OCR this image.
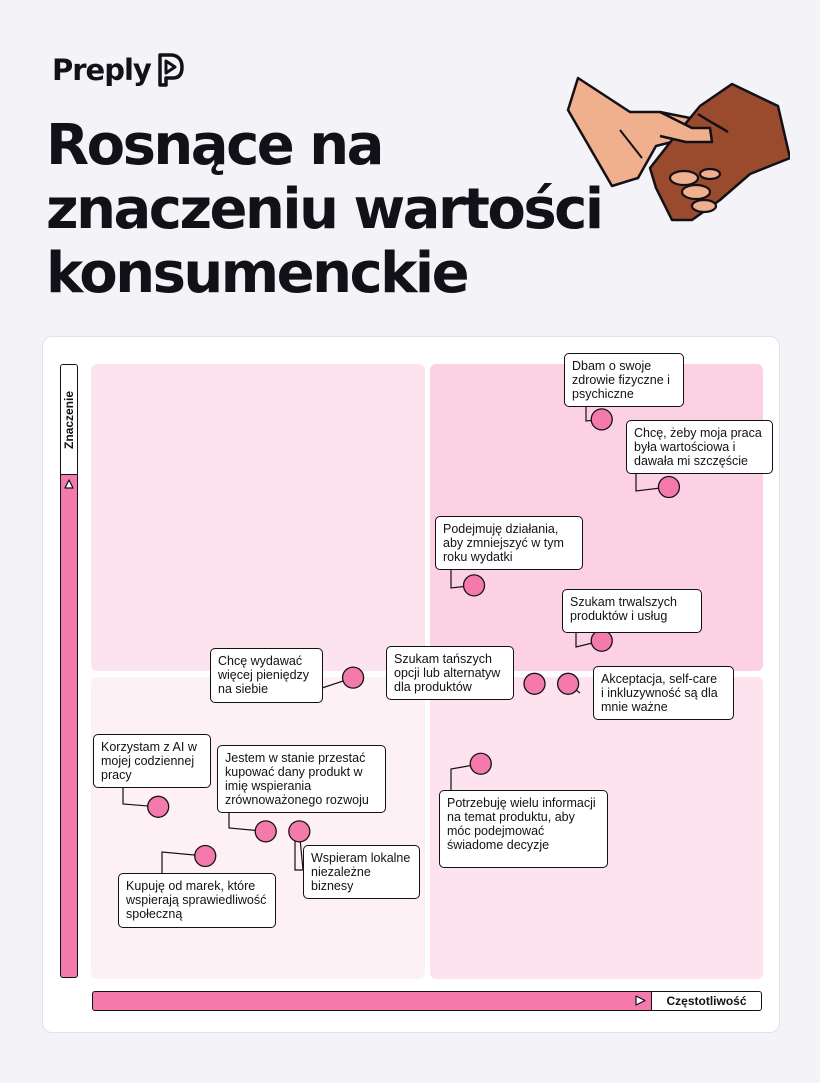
Preply
Rosnące na znaczeniu wartości konsumenckie
Znaczenie
Częstotliwość
Dbam o swoje
zdrowie fizyczne i
psychiczne
Chcę, żeby moja praca
była wartościowa i
dawała mi szczęście
Podejmuję działania,
aby zmniejszyć w tym
roku wydatki
Szukam trwalszych
produktów i usług
Szukam tańszych
opcji lub alternatyw
dla produktów
Akceptacja, self-care
i inkluzywność są dla
mnie ważne
Chcę wydawać
więcej pieniędzy
na siebie
Potrzebuję wielu informacji
na temat produktu, aby
móc podejmować
świadome decyzje
Korzystam z AI w
mojej codziennej
pracy
Jestem w stanie przestać
kupować dany produkt w
imię wspierania
zrównoważonego rozwoju
Wspieram lokalne
niezależne
biznesy
Kupuję od marek, które
wspierają sprawiedliwość
społeczną
